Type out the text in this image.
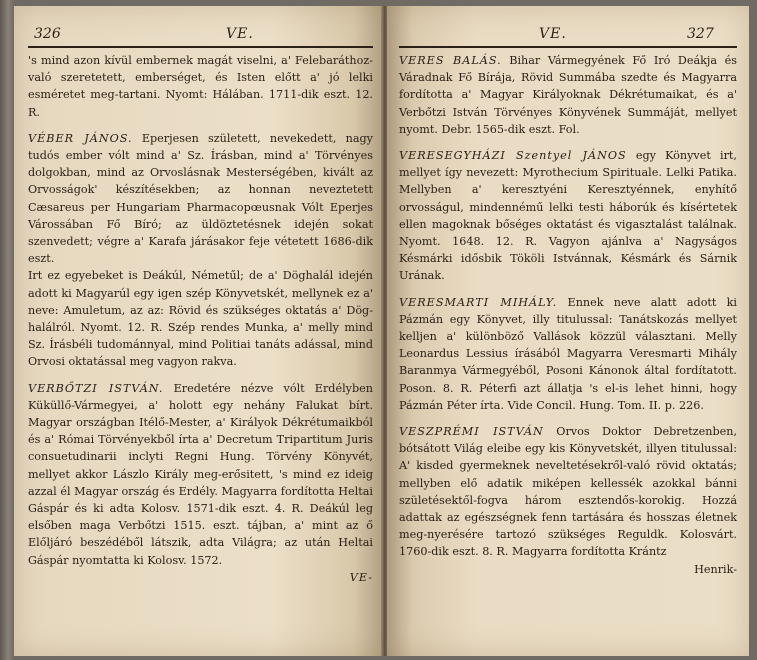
326	VE.

's mind azon kívül embernek magát viselni, a' Felebaráthoz-való szeretetett, emberséget, és Isten előtt a' jó lelki esméretet meg-tartani. Nyomt: Hálában. 1711-dik eszt. 12. R.

VÉBER JÁNOS. Eperjesen született, nevekedett, nagy tudós ember vólt mind a' Sz. Írásban, mind a' Törvényes dolgokban, mind az Orvoslásnak Mesterségében, kivált az Orvosságok' készítésekben; az honnan neveztetett Cæsareus per Hungariam Pharmacopœusnak Vólt Eperjes Várossában Fő Bíró; az üldöztetésnek idején sokat szenvedett; végre a' Karafa járásakor feje vétetett 1686-dik eszt.

Irt ez egyebeket is Deákúl, Németűl; de a' Döghalál idején adott ki Magyarúl egy igen szép Könyvetskét, mellynek ez a' neve: Amuletum, az az: Rövid és szükséges oktatás a' Dög-halálról. Nyomt. 12. R. Szép rendes Munka, a' melly mind Sz. Írásbéli tudománnyal, mind Politiai tanáts adással, mind Orvosi oktatással meg vagyon rakva.

VERBŐTZI ISTVÁN. Eredetére nézve vólt Erdélyben Küküllő-Vármegyei, a' holott egy nehány Falukat bírt. Magyar országban Itélő-Mester, a' Királyok Dékrétumaikból és a' Római Törvényekből írta a' Decretum Tripartitum Juris consuetudinarii inclyti Regni Hung. Törvény Könyvét, mellyet akkor Lászlo Király meg-erősitett, 's mind ez ideig azzal él Magyar ország és Erdély. Magyarra fordította Heltai Gáspár és ki adta Kolosv. 1571-dik eszt. 4. R. Deákúl leg elsőben maga Verbőtzi 1515. eszt. tájban, a' mint az ő Előljáró beszédéből látszik, adta Világra; az után Heltai Gáspár nyomtatta ki Kolosv. 1572.

VE-

VE.	327

VERES BALÁS. Bihar Vármegyének Fő Iró Deákja és Váradnak Fő Bírája, Rövid Summába szedte és Magyarra fordította a' Magyar Királyoknak Dékrétumaikat, és a' Verbőtzi István Törvényes Könyvének Summáját, mellyet nyomt. Debr. 1565-dik eszt. Fol.

VERESEGYHÁZI Szentyel JÁNOS egy Könyvet irt, mellyet így nevezett: Myrothecium Spirituale. Lelki Patika. Mellyben a' keresztyéni Keresztyénnek, enyhítő orvosságul, mindennémű lelki testi háborúk és kísértetek ellen magoknak bőséges oktatást és vigasztalást találnak. Nyomt. 1648. 12. R. Vagyon ajánlva a' Nagyságos Késmárki idősbik Tököli Istvánnak, Késmárk és Sárnik Urának.

VERESMARTI MIHÁLY. Ennek neve alatt adott ki Pázmán egy Könyvet, illy titulussal: Tanátskozás mellyet kelljen a' különböző Vallások közzül választani. Melly Leonardus Lessius írásából Magyarra Veresmarti Mihály Baranmya Vármegyéből, Posoni Kánonok által fordítatott. Poson. 8. R. Péterfi azt állatja 's el-is lehet hinni, hogy Pázmán Péter írta. Vide Concil. Hung. Tom. II. p. 226.

VESZPRÉMI ISTVÁN Orvos Doktor Debretzenben, bótsátott Világ eleibe egy kis Könyvetskét, illyen titulussal: A' kisded gyermeknek neveltetésekről-való rövid oktatás; mellyben elő adatik miképen kellessék azokkal bánni születésektől-fogva három esztendős-korokig. Hozzá adattak az egészségnek fenn tartására és hosszas életnek meg-nyerésére tartozó szükséges Reguldk. Kolosvárt. 1760-dik eszt. 8. R. Magyarra fordította Krántz

Henrik-
